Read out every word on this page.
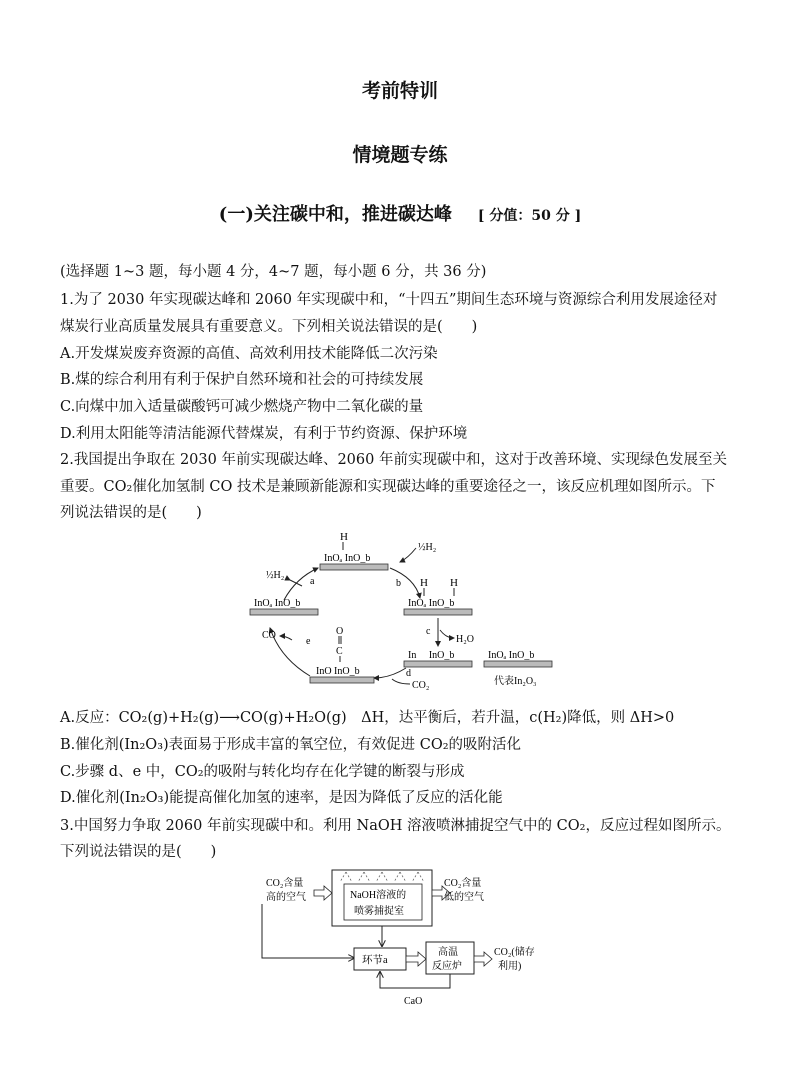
考前特训
情境题专练
(一)关注碳中和，推进碳达峰 [ 分值：50 分 ]
(选择题 1~3 题，每小题 4 分，4~7 题，每小题 6 分，共 36 分)
1.为了 2030 年实现碳达峰和 2060 年实现碳中和，“十四五”期间生态环境与资源综合利用发展途径对
煤炭行业高质量发展具有重要意义。下列相关说法错误的是(　　)
A.开发煤炭废弃资源的高值、高效利用技术能降低二次污染
B.煤的综合利用有利于保护自然环境和社会的可持续发展
C.向煤中加入适量碳酸钙可减少燃烧产物中二氧化碳的量
D.利用太阳能等清洁能源代替煤炭，有利于节约资源、保护环境
2.我国提出争取在 2030 年前实现碳达峰、2060 年前实现碳中和，这对于改善环境、实现绿色发展至关
重要。CO₂催化加氢制 CO 技术是兼顾新能源和实现碳达峰的重要途径之一，该反应机理如图所示。下
列说法错误的是(　　)
H
InOₐ InO_b
½H₂
b H H
InOₐ InO_b
c
H₂O
In　 InO_b
d
CO₂
O
C
InO InO_b
e
CO
InOₐ InO_b
a
½H₂
InOₐ InO_b
代表In₂O₃
A.反应：CO₂(g)+H₂(g)⟶CO(g)+H₂O(g)　ΔH，达平衡后，若升温，c(H₂)降低，则 ΔH>0
B.催化剂(In₂O₃)表面易于形成丰富的氧空位，有效促进 CO₂的吸附活化
C.步骤 d、e 中，CO₂的吸附与转化均存在化学键的断裂与形成
D.催化剂(In₂O₃)能提高催化加氢的速率，是因为降低了反应的活化能
3.中国努力争取 2060 年前实现碳中和。利用 NaOH 溶液喷淋捕捉空气中的 CO₂，反应过程如图所示。
下列说法错误的是(　　)
CO₂含量
高的空气	NaOH溶液的
喷雾捕捉室
CO₂含量
低的空气
环节a
高温
反应炉
CO₂(储存
利用)
CaO
